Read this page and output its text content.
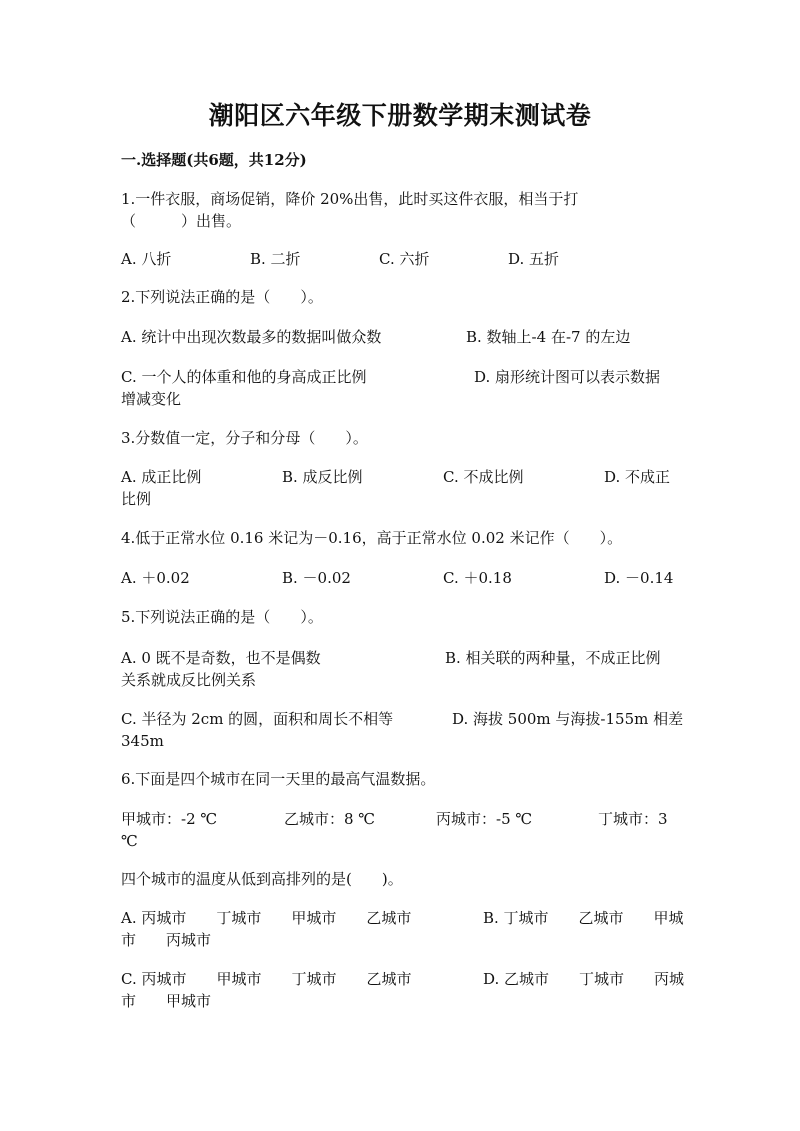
潮阳区六年级下册数学期末测试卷
一.选择题(共6题，共12分)
1.一件衣服，商场促销，降价 20%出售，此时买这件衣服，相当于打
（　　　）出售。
A. 八折	B. 二折	C. 六折	D. 五折
2.下列说法正确的是（　　）。
A. 统计中出现次数最多的数据叫做众数	B. 数轴上-4 在-7 的左边
C. 一个人的体重和他的身高成正比例	D. 扇形统计图可以表示数据
增减变化
3.分数值一定，分子和分母（　　）。
A. 成正比例	B. 成反比例	C. 不成比例	D. 不成正
比例
4.低于正常水位 0.16 米记为－0.16，高于正常水位 0.02 米记作（　　）。
A. ＋0.02	B. －0.02	C. ＋0.18	D. －0.14
5.下列说法正确的是（　　）。
A. 0 既不是奇数，也不是偶数	B. 相关联的两种量，不成正比例
关系就成反比例关系
C. 半径为 2cm 的圆，面积和周长不相等	D. 海拔 500m 与海拔-155m 相差
345m
6.下面是四个城市在同一天里的最高气温数据。
甲城市：-2 ℃	乙城市：8 ℃	丙城市：-5 ℃	丁城市：3
℃
四个城市的温度从低到高排列的是(　　)。
A. 丙城市　　丁城市　　甲城市　　乙城市	B. 丁城市　　乙城市　　甲城
市　　丙城市
C. 丙城市　　甲城市　　丁城市　　乙城市	D. 乙城市　　丁城市　　丙城
市　　甲城市
